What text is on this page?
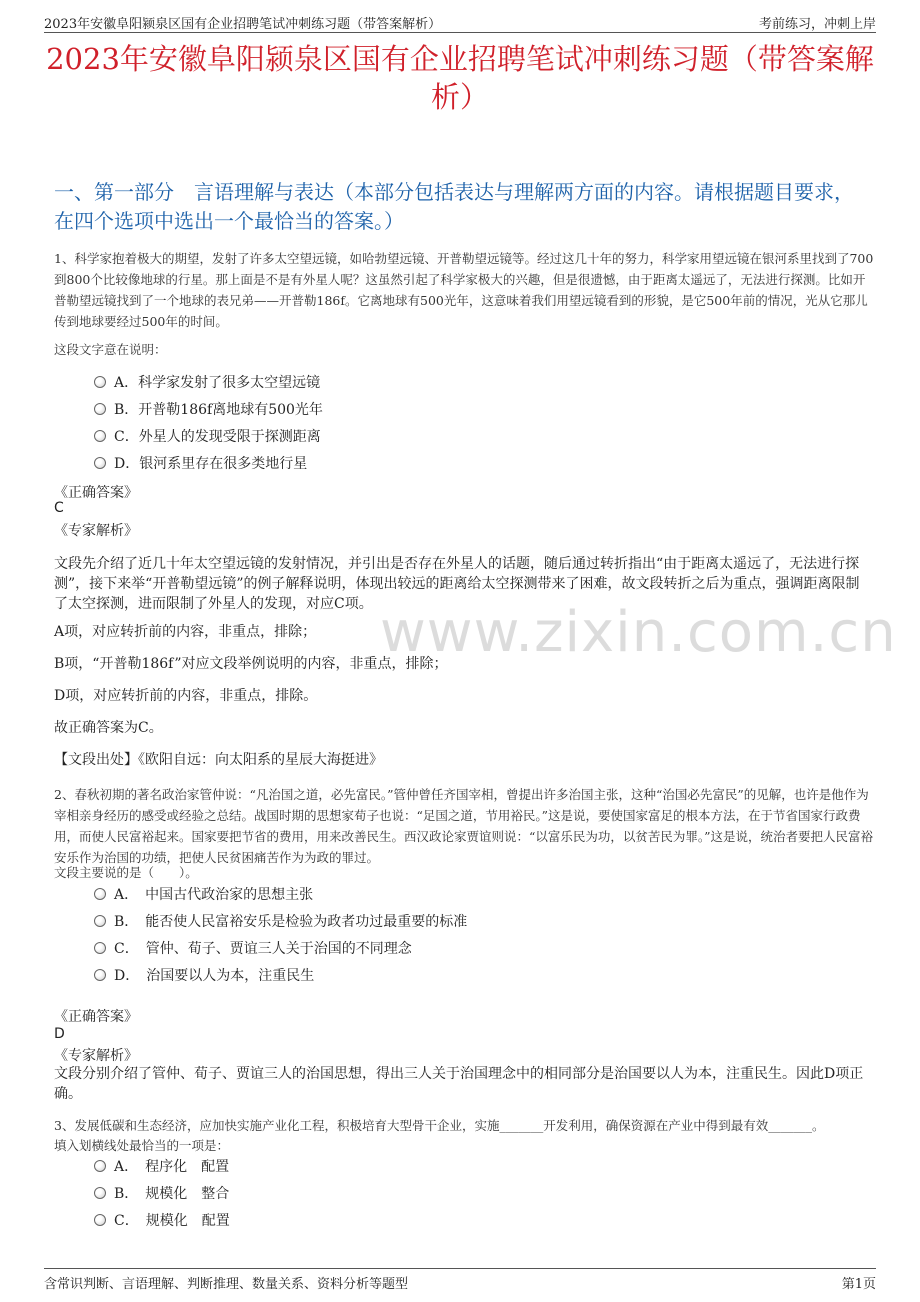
2023年安徽阜阳颍泉区国有企业招聘笔试冲刺练习题（带答案解析）	考前练习，冲刺上岸
2023年安徽阜阳颍泉区国有企业招聘笔试冲刺练习题（带答案解析）
一、第一部分　言语理解与表达（本部分包括表达与理解两方面的内容。请根据题目要求，在四个选项中选出一个最恰当的答案。）
www.zixin.com.cn
1、科学家抱着极大的期望，发射了许多太空望远镜，如哈勃望远镜、开普勒望远镜等。经过这几十年的努力，科学家用望远镜在银河系里找到了700到800个比较像地球的行星。那上面是不是有外星人呢？这虽然引起了科学家极大的兴趣，但是很遗憾，由于距离太遥远了，无法进行探测。比如开普勒望远镜找到了一个地球的表兄弟——开普勒186f。它离地球有500光年，这意味着我们用望远镜看到的形貌，是它500年前的情况，光从它那儿传到地球要经过500年的时间。
这段文字意在说明：
A．科学家发射了很多太空望远镜
B．开普勒186f离地球有500光年
C．外星人的发现受限于探测距离
D．银河系里存在很多类地行星
《正确答案》
C
《专家解析》
文段先介绍了近几十年太空望远镜的发射情况，并引出是否存在外星人的话题，随后通过转折指出“由于距离太遥远了，无法进行探测”，接下来举“开普勒望远镜”的例子解释说明，体现出较远的距离给太空探测带来了困难，故文段转折之后为重点，强调距离限制了太空探测，进而限制了外星人的发现，对应C项。
A项，对应转折前的内容，非重点，排除；
B项，“开普勒186f”对应文段举例说明的内容，非重点，排除；
D项，对应转折前的内容，非重点，排除。
故正确答案为C。
【文段出处】《欧阳自远：向太阳系的星辰大海挺进》
2、春秋初期的著名政治家管仲说：“凡治国之道，必先富民。”管仲曾任齐国宰相，曾提出许多治国主张，这种“治国必先富民”的见解，也许是他作为宰相亲身经历的感受或经验之总结。战国时期的思想家荀子也说：“足国之道，节用裕民。”这是说，要使国家富足的根本方法，在于节省国家行政费用，而使人民富裕起来。国家要把节省的费用，用来改善民生。西汉政论家贾谊则说：“以富乐民为功，以贫苦民为罪。”这是说，统治者要把人民富裕安乐作为治国的功绩，把使人民贫困痛苦作为为政的罪过。
文段主要说的是（　　）。
A．　中国古代政治家的思想主张
B．　能否使人民富裕安乐是检验为政者功过最重要的标准
C．　管仲、荀子、贾谊三人关于治国的不同理念
D．　治国要以人为本，注重民生
《正确答案》
D
《专家解析》
文段分别介绍了管仲、荀子、贾谊三人的治国思想，得出三人关于治国理念中的相同部分是治国要以人为本，注重民生。因此D项正确。
3、发展低碳和生态经济，应加快实施产业化工程，积极培育大型骨干企业，实施_______开发利用，确保资源在产业中得到最有效_______。
填入划横线处最恰当的一项是：
A．　程序化　配置
B．　规模化　整合
C．　规模化　配置
含常识判断、言语理解、判断推理、数量关系、资料分析等题型	第1页
